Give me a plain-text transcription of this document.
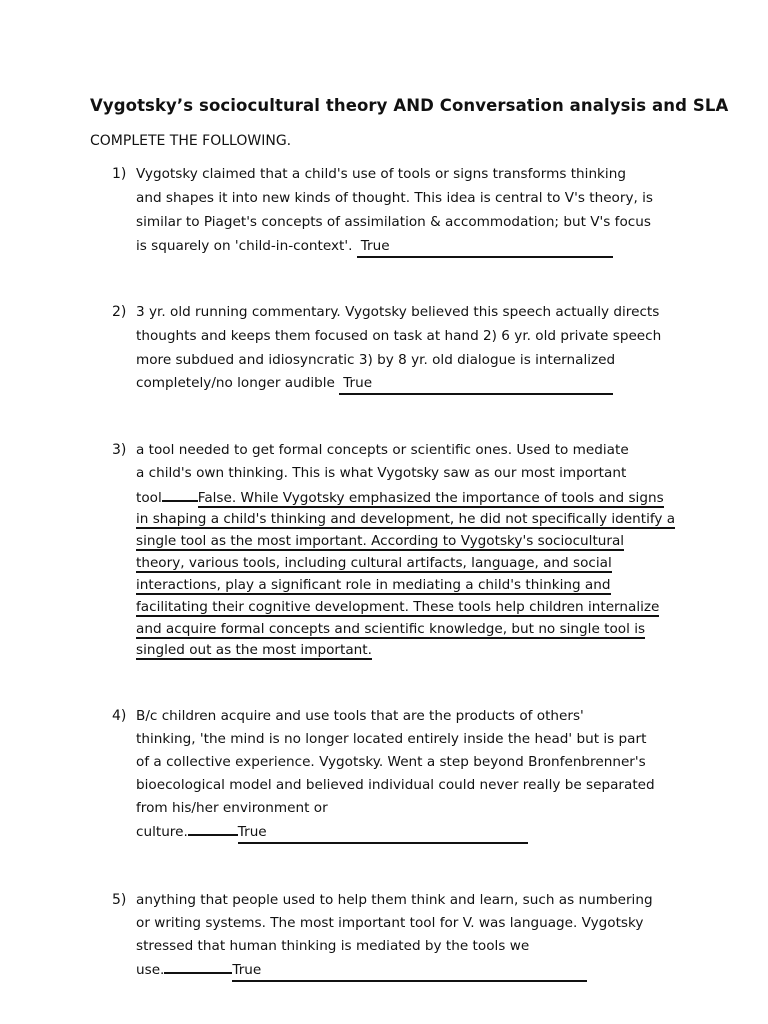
Vygotsky’s sociocultural theory AND Conversation analysis and SLA
COMPLETE THE FOLLOWING.
1) Vygotsky claimed that a child's use of tools or signs transforms thinking
and shapes it into new kinds of thought. This idea is central to V's theory, is
similar to Piaget's concepts of assimilation & accommodation; but V's focus
is squarely on 'child-in-context'. True
2) 3 yr. old running commentary. Vygotsky believed this speech actually directs
thoughts and keeps them focused on task at hand 2) 6 yr. old private speech
more subdued and idiosyncratic 3) by 8 yr. old dialogue is internalized
completely/no longer audible True
3) a tool needed to get formal concepts or scientific ones. Used to mediate
a child's own thinking. This is what Vygotsky saw as our most important
tool	False. While Vygotsky emphasized the importance of tools and signs
in shaping a child's thinking and development, he did not specifically identify a
single tool as the most important. According to Vygotsky's sociocultural
theory, various tools, including cultural artifacts, language, and social
interactions, play a significant role in mediating a child's thinking and
facilitating their cognitive development. These tools help children internalize
and acquire formal concepts and scientific knowledge, but no single tool is
singled out as the most important.
4) B/c children acquire and use tools that are the products of others'
thinking, 'the mind is no longer located entirely inside the head' but is part
of a collective experience. Vygotsky. Went a step beyond Bronfenbrenner's
bioecological model and believed individual could never really be separated
from his/her environment or
culture.	True
5) anything that people used to help them think and learn, such as numbering
or writing systems. The most important tool for V. was language. Vygotsky
stressed that human thinking is mediated by the tools we
use.	True
